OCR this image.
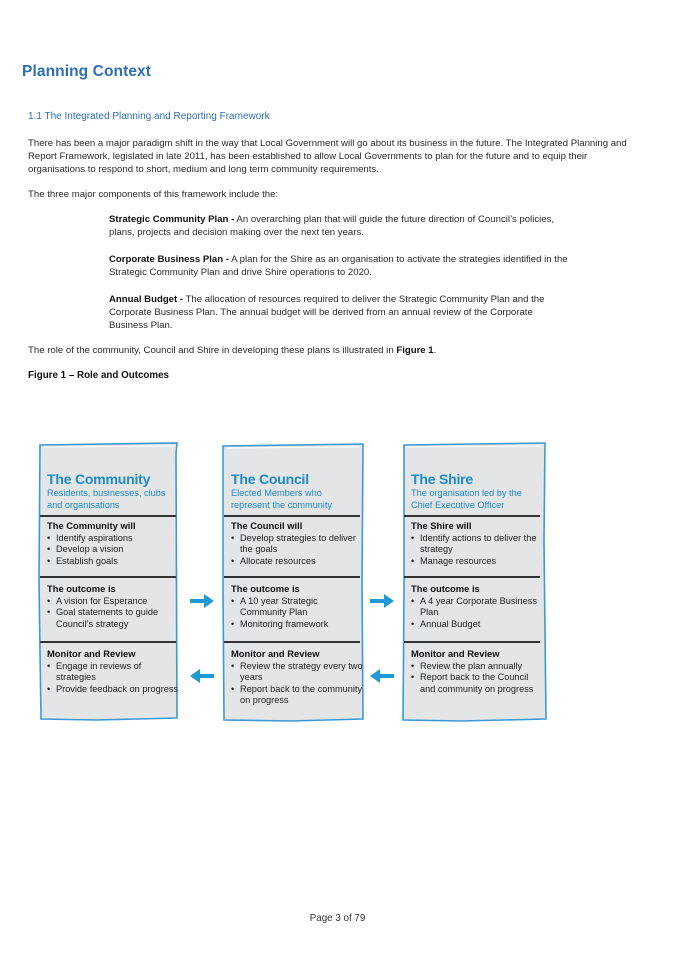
Planning Context
1.1 The Integrated Planning and Reporting Framework

There has been a major paradigm shift in the way that Local Government will go about its business in the future. The Integrated Planning and Report Framework, legislated in late 2011, has been established to allow Local Governments to plan for the future and to equip their organisations to respond to short, medium and long term community requirements.

The three major components of this framework include the:

Strategic Community Plan - An overarching plan that will guide the future direction of Council’s policies, plans, projects and decision making over the next ten years.

Corporate Business Plan - A plan for the Shire as an organisation to activate the strategies identified in the Strategic Community Plan and drive Shire operations to 2020.

Annual Budget - The allocation of resources required to deliver the Strategic Community Plan and the Corporate Business Plan. The annual budget will be derived from an annual review of the Corporate Business Plan.

The role of the community, Council and Shire in developing these plans is illustrated in Figure 1.

Figure 1 – Role and Outcomes

The Community

Residents, businesses, clubs and organisations

The Community will

• Identify aspirations
• Develop a vision
• Establish goals

The outcome is

• A vision for Esperance
• Goal statements to guide Council’s strategy

Monitor and Review

• Engage in reviews of strategies
• Provide feedback on progress

The Council

Elected Members who represent the community

The Council will

• Develop strategies to deliver the goals
• Allocate resources

The outcome is

• A 10 year Strategic Community Plan
• Monitoring framework

Monitor and Review

• Review the strategy every two years
• Report back to the community on progress

The Shire

The organisation led by the Chief Executive Officer

The Shire will

• Identify actions to deliver the strategy
• Manage resources

The outcome is

• A 4 year Corporate Business Plan
• Annual Budget

Monitor and Review

• Review the plan annually
• Report back to the Council and community on progress
Page 3 of 79
